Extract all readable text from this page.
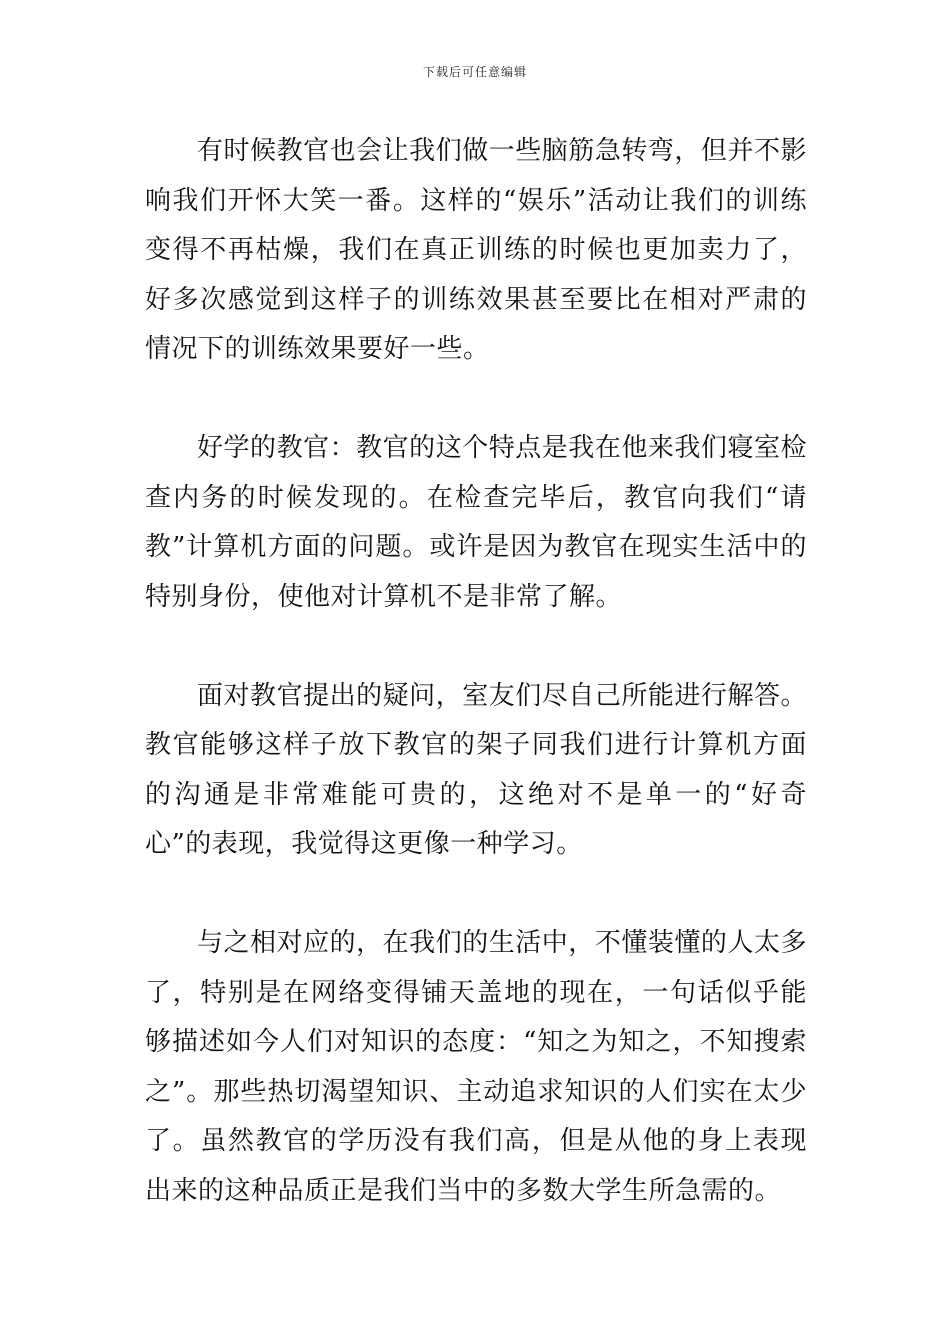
下载后可任意编辑

有时候教官也会让我们做一些脑筋急转弯，但并不影响我们开怀大笑一番。这样的“娱乐”活动让我们的训练变得不再枯燥，我们在真正训练的时候也更加卖力了，好多次感觉到这样子的训练效果甚至要比在相对严肃的情况下的训练效果要好一些。

好学的教官：教官的这个特点是我在他来我们寝室检查内务的时候发现的。在检查完毕后，教官向我们“请教”计算机方面的问题。或许是因为教官在现实生活中的特别身份，使他对计算机不是非常了解。

面对教官提出的疑问，室友们尽自己所能进行解答。教官能够这样子放下教官的架子同我们进行计算机方面的沟通是非常难能可贵的，这绝对不是单一的“好奇心”的表现，我觉得这更像一种学习。

与之相对应的，在我们的生活中，不懂装懂的人太多了，特别是在网络变得铺天盖地的现在，一句话似乎能够描述如今人们对知识的态度：“知之为知之，不知搜索之”。那些热切渴望知识、主动追求知识的人们实在太少了。虽然教官的学历没有我们高，但是从他的身上表现出来的这种品质正是我们当中的多数大学生所急需的。
